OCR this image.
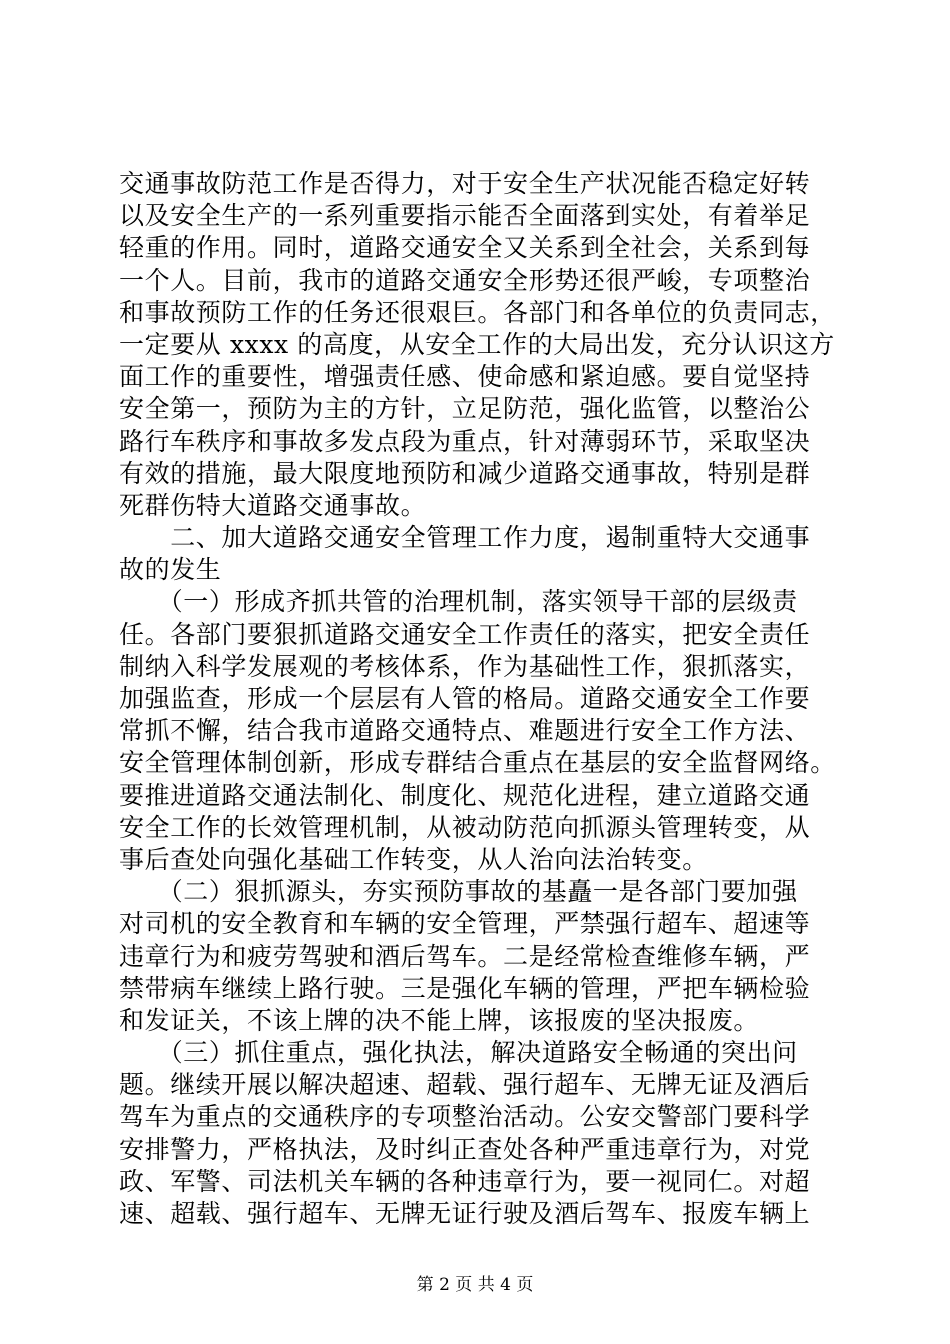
交通事故防范工作是否得力，对于安全生产状况能否稳定好转
以及安全生产的一系列重要指示能否全面落到实处，有着举足
轻重的作用。同时，道路交通安全又关系到全社会，关系到每
一个人。目前，我市的道路交通安全形势还很严峻，专项整治
和事故预防工作的任务还很艰巨。各部门和各单位的负责同志，
一定要从 xxxx 的高度，从安全工作的大局出发，充分认识这方
面工作的重要性，增强责任感、使命感和紧迫感。要自觉坚持
安全第一，预防为主的方针，立足防范，强化监管，以整治公
路行车秩序和事故多发点段为重点，针对薄弱环节，采取坚决
有效的措施，最大限度地预防和减少道路交通事故，特别是群
死群伤特大道路交通事故。
　　二、加大道路交通安全管理工作力度，遏制重特大交通事
故的发生
　　（一）形成齐抓共管的治理机制，落实领导干部的层级责
任。各部门要狠抓道路交通安全工作责任的落实，把安全责任
制纳入科学发展观的考核体系，作为基础性工作，狠抓落实，
加强监查，形成一个层层有人管的格局。道路交通安全工作要
常抓不懈，结合我市道路交通特点、难题进行安全工作方法、
安全管理体制创新，形成专群结合重点在基层的安全监督网络。
要推进道路交通法制化、制度化、规范化进程，建立道路交通
安全工作的长效管理机制，从被动防范向抓源头管理转变，从
事后查处向强化基础工作转变，从人治向法治转变。
　　（二）狠抓源头，夯实预防事故的基矗一是各部门要加强
对司机的安全教育和车辆的安全管理，严禁强行超车、超速等
违章行为和疲劳驾驶和酒后驾车。二是经常检查维修车辆，严
禁带病车继续上路行驶。三是强化车辆的管理，严把车辆检验
和发证关，不该上牌的决不能上牌，该报废的坚决报废。
　　（三）抓住重点，强化执法，解决道路安全畅通的突出问
题。继续开展以解决超速、超载、强行超车、无牌无证及酒后
驾车为重点的交通秩序的专项整治活动。公安交警部门要科学
安排警力，严格执法，及时纠正查处各种严重违章行为，对党
政、军警、司法机关车辆的各种违章行为，要一视同仁。对超
速、超载、强行超车、无牌无证行驶及酒后驾车、报废车辆上
第 2 页 共 4 页
